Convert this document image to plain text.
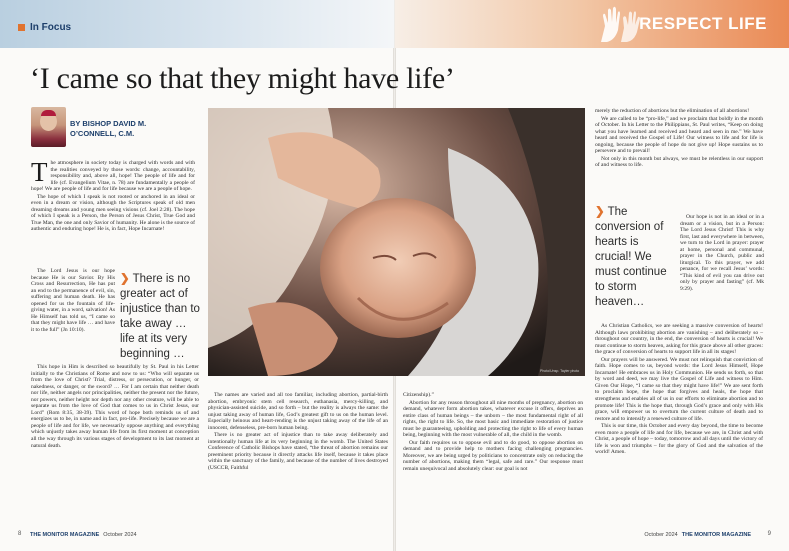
In Focus	RESPECT LIFE
‘I came so that they might have life’
BY BISHOP DAVID M.
O’CONNELL, C.M.

The atmosphere in society today is charged with words and with the realities conveyed by those words: change, accountability, responsibility and, above all, hope! The people of life and for life (cf. Evangelium Vitae, n. 78) are fundamentally a people of hope! We are people of life and for life because we are a people of hope.

The hope of which I speak is not rooted or anchored in an ideal or even in a dream or vision, although the Scriptures speak of old men dreaming dreams and young men seeing visions (cf. Joel 2:28). The hope of which I speak is a Person, the Person of Jesus Christ, True God and True Man, the one and only Savior of humanity. He alone is the source of authentic and enduring hope! He is, in fact, Hope Incarnate!

The Lord Jesus is our hope because He is our Savior. By His Cross and Resurrection, He has put an end to the permanence of evil, sin, suffering and human death. He has opened for us the fountain of life-giving water, in a word, salvation! As He Himself has told us, “I came so that they might have life … and have it to the full” (Jn 10:10).

❯ There is no greater act of injustice than to take away … life at its very beginning …

This hope in Him is described so beautifully by St. Paul in his Letter initially to the Christians of Rome and now to us: “Who will separate us from the love of Christ? Trial, distress, or persecution, or hunger, or nakedness, or danger, or the sword? … For I am certain that neither death nor life, neither angels nor principalities, neither the present nor the future, nor powers, neither height nor depth nor any other creature, will be able to separate us from the love of God that comes to us in Christ Jesus, our Lord” (Rom 8:35, 38-39). This word of hope both reminds us of and energizes us to be, in name and in fact, pro-life. Precisely because we are a people of life and for life, we necessarily oppose anything and everything which unjustly takes away human life from its first moment at conception all the way through its various stages of development to its last moment at natural death.

Photo/Unsp. Tayler photo

The names are varied and all too familiar, including abortion, partial-birth abortion, embryonic stem cell research, euthanasia, mercy-killing, and physician-assisted suicide, and so forth – but the reality is always the same: the unjust taking away of human life, God’s greatest gift to us on the human level. Especially heinous and heart-rending is the unjust taking away of the life of an innocent, defenseless, pre-born human being.

There is no greater act of injustice than to take away deliberately and intentionally human life at its very beginning in the womb. The United States Conference of Catholic Bishops have stated, “the threat of abortion remains our preeminent priority because it directly attacks life itself, because it takes place within the sanctuary of the family, and because of the number of lives destroyed (USCCB, Faithful

Citizenship).”

Abortion for any reason throughout all nine months of pregnancy, abortion on demand, whatever form abortion takes, whatever excuse it offers, deprives an entire class of human beings – the unborn – the most fundamental right of all rights, the right to life. So, the most basic and immediate restoration of justice must be guaranteeing, upholding and protecting the right to life of every human being, beginning with the most vulnerable of all, the child in the womb.

Our faith requires us to oppose evil and to do good, to oppose abortion on demand and to provide help to mothers facing challenging pregnancies. Moreover, we are being urged by politicians to concentrate only on reducing the number of abortions, making them “legal, safe and rare.” Our response must remain unequivocal and absolutely clear: our goal is not

merely the reduction of abortions but the elimination of all abortions!

We are called to be “pro-life,” and we proclaim that boldly in the month of October. In his Letter to the Philippians, St. Paul writes, “Keep on doing what you have learned and received and heard and seen in me.” We have heard and received the Gospel of Life! Our witness to life and for life is ongoing, because the people of hope do not give up! Hope sustains us to persevere and to prevail!

Not only in this month but always, we must be relentless in our support of and witness to life.

❯ The conversion of hearts is crucial! We must continue to storm heaven…

Our hope is not in an ideal or in a dream or a vision, but in a Person: The Lord Jesus Christ! This is why first, last and everywhere in between, we turn to the Lord in prayer: prayer at home, personal and communal, prayer in the Church, public and liturgical. To this prayer, we add penance, for we recall Jesus’ words: “This kind of evil you can drive out only by prayer and fasting” (cf. Mk 9:29).

As Christian Catholics, we are seeking a massive conversion of hearts! Although laws prohibiting abortion are vanishing – and deliberately so – throughout our country, in the end, the conversion of hearts is crucial! We must continue to storm heaven, asking for this grace above all other graces: the grace of conversion of hearts to support life in all its stages!

Our prayers will be answered. We must not relinquish that conviction of faith. Hope comes to us, beyond words: the Lord Jesus Himself, Hope Incarnate! He embraces us in Holy Communion. He sends us forth, so that by word and deed, we may live the Gospel of Life and witness to Him. Given Our Hope, “I came so that they might have life!” We are sent forth to proclaim hope, the hope that forgives and heals, the hope that strengthens and enables all of us in our efforts to eliminate abortion and to promote life! This is the hope that, through God’s grace and only with His grace, will empower us to overturn the current culture of death and to restore and to intensify a renewed culture of life.

This is our time, this October and every day beyond, the time to become even more a people of life and for life, because we are, in Christ and with Christ, a people of hope – today, tomorrow and all days until the victory of life is won and triumphs – for the glory of God and the salvation of the world! Amen.

8 THE MONITOR MAGAZINE October 2024	October 2024 THE MONITOR MAGAZINE	9
